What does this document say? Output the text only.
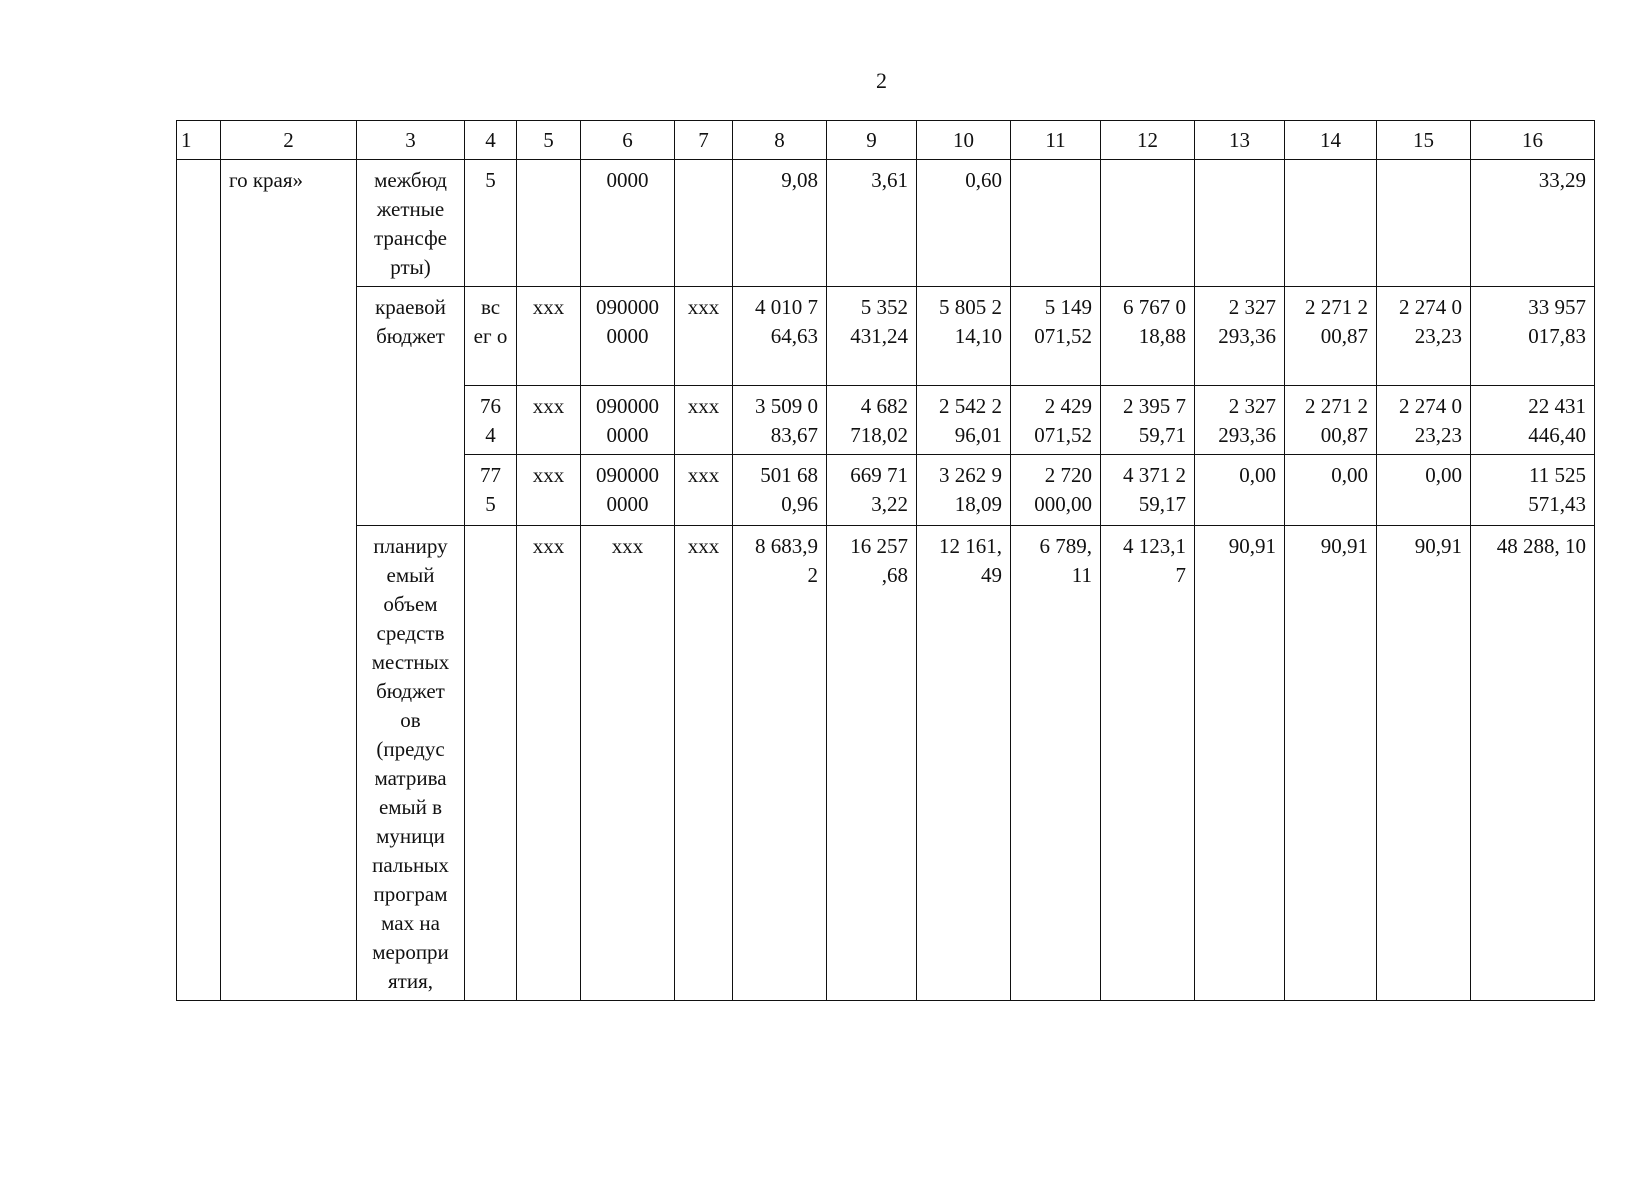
2
1	2	3	4	5	6	7	8	9	10	11	12	13	14	15	16
	го края»	межбюд жетные трансфе рты)	5		0000		9,08	3,61	0,60						33,29
		краевой бюджет	вс ег о	ххх	090000 0000	ххх	4 010 7 64,63	5 352 431,24	5 805 2 14,10	5 149 071,52	6 767 0 18,88	2 327 293,36	2 271 2 00,87	2 274 0 23,23	33 957 017,83
			76 4	ххх	090000 0000	ххх	3 509 0 83,67	4 682 718,02	2 542 2 96,01	2 429 071,52	2 395 7 59,71	2 327 293,36	2 271 2 00,87	2 274 0 23,23	22 431 446,40
			77 5	ххх	090000 0000	ххх	501 68 0,96	669 71 3,22	3 262 9 18,09	2 720 000,00	4 371 2 59,17	0,00	0,00	0,00	11 525 571,43
		планиру емый объем средств местных бюджет ов (предус матрива емый в муници пальных програм мах на меропри ятия,		ххх	ххх	ххх	8 683,9 2	16 257 ,68	12 161, 49	6 789, 11	4 123,1 7	90,91	90,91	90,91	48 288, 10
